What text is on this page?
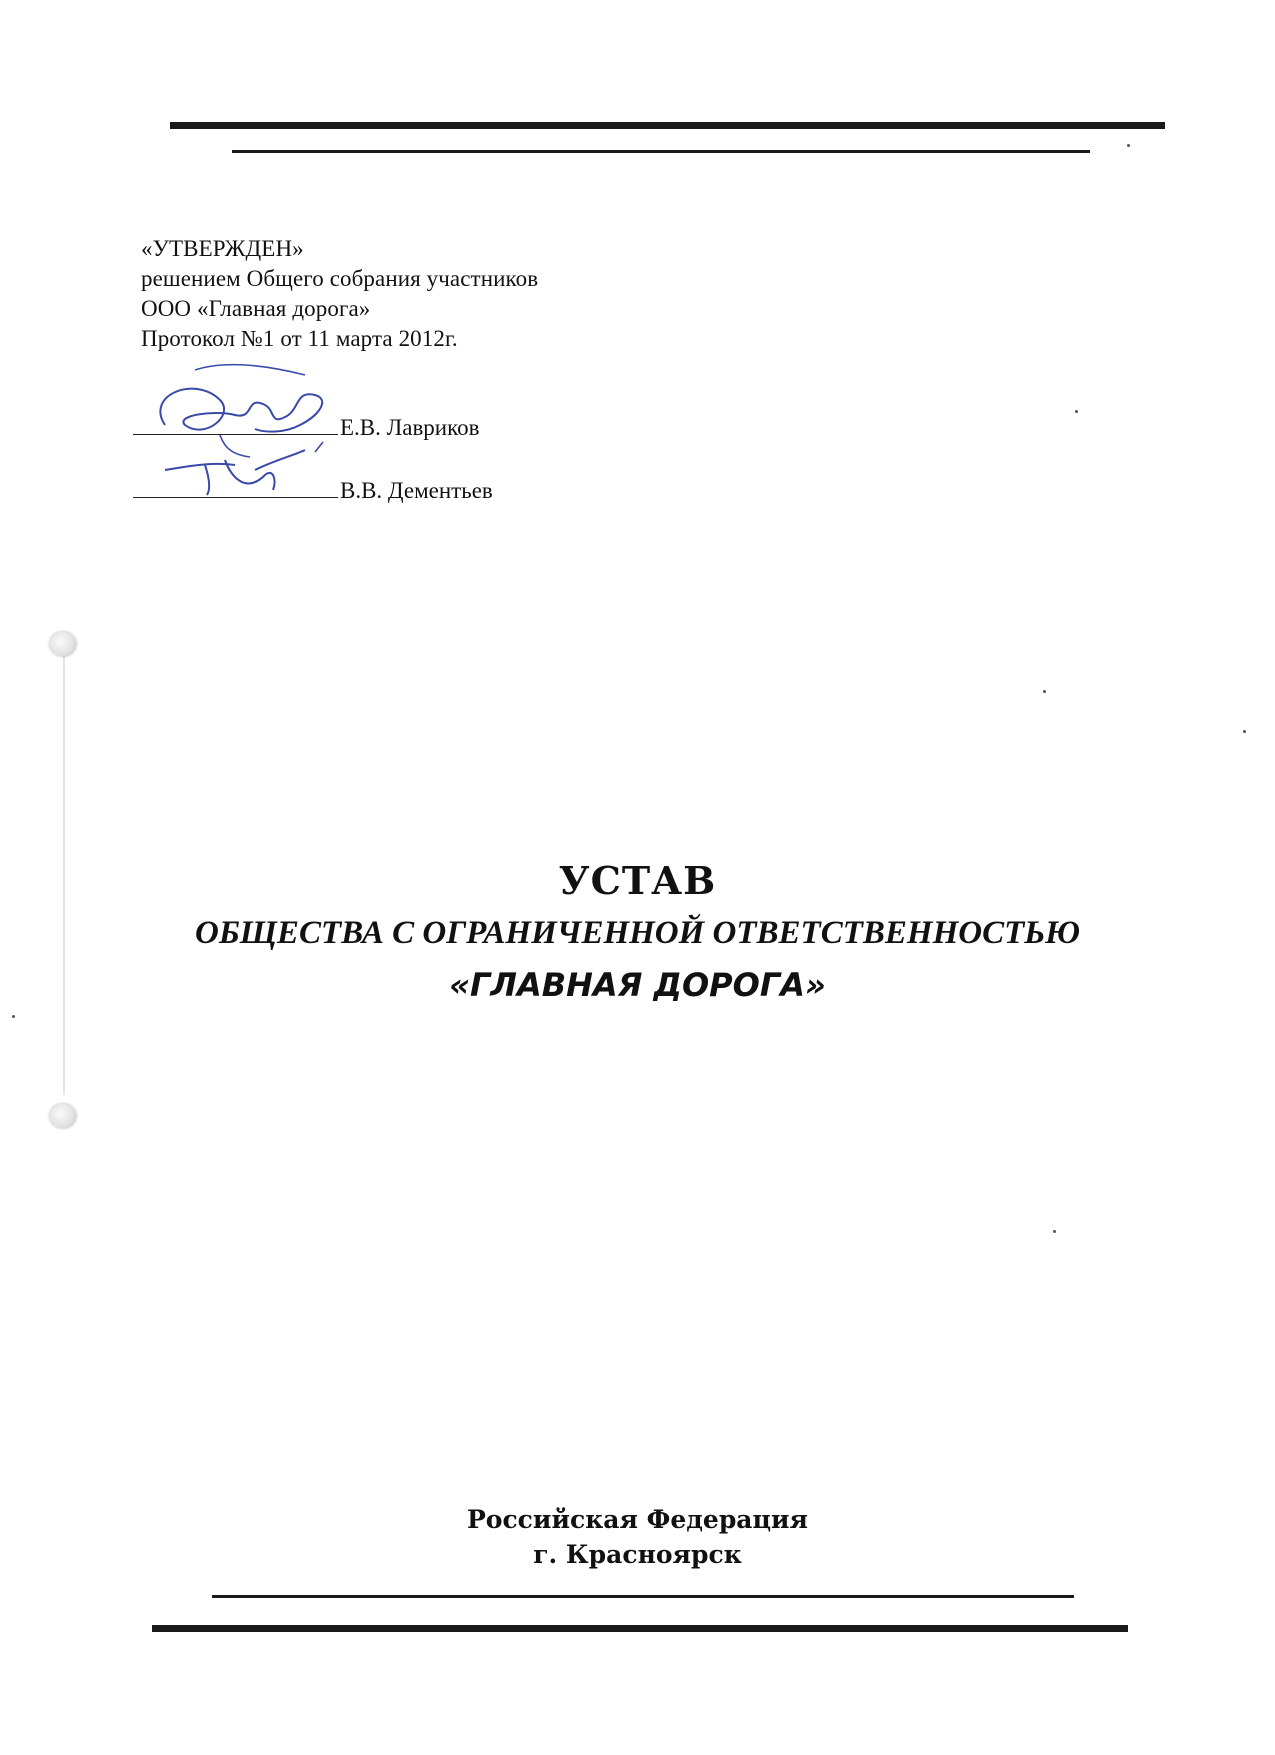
«УТВЕРЖДЕН»
решением Общего собрания участников
ООО «Главная дорога»
Протокол №1 от 11 марта 2012г.
Е.В. Лавриков
В.В. Дементьев
УСТАВ
ОБЩЕСТВА С ОГРАНИЧЕННОЙ ОТВЕТСТВЕННОСТЬЮ
«ГЛАВНАЯ ДОРОГА»
Российская Федерация
г. Красноярск
